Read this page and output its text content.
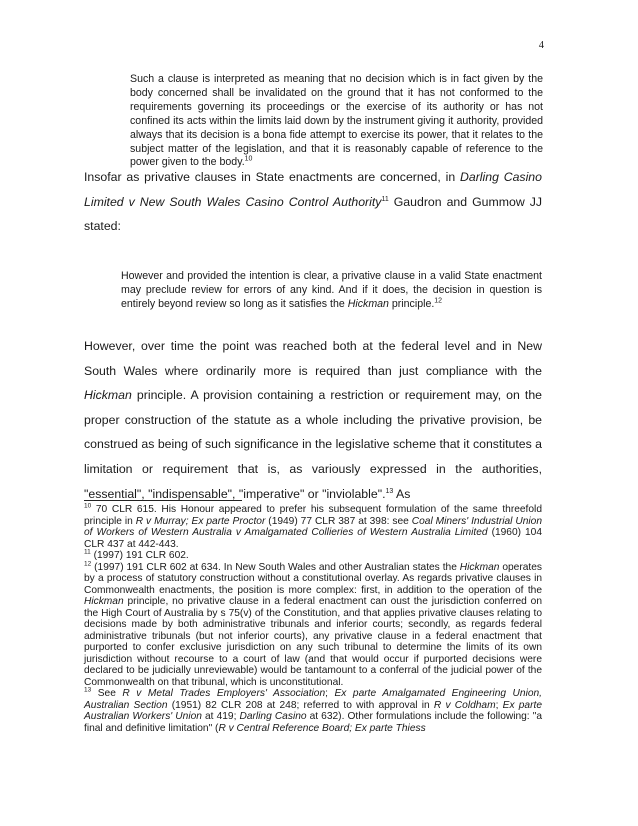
4
Such a clause is interpreted as meaning that no decision which is in fact given by the body concerned shall be invalidated on the ground that it has not conformed to the requirements governing its proceedings or the exercise of its authority or has not confined its acts within the limits laid down by the instrument giving it authority, provided always that its decision is a bona fide attempt to exercise its power, that it relates to the subject matter of the legislation, and that it is reasonably capable of reference to the power given to the body.$^{10}$
Insofar as privative clauses in State enactments are concerned, in Darling Casino Limited v New South Wales Casino Control Authority$^{11}$ Gaudron and Gummow JJ stated:
However and provided the intention is clear, a privative clause in a valid State enactment may preclude review for errors of any kind. And if it does, the decision in question is entirely beyond review so long as it satisfies the Hickman principle.$^{12}$
However, over time the point was reached both at the federal level and in New South Wales where ordinarily more is required than just compliance with the Hickman principle. A provision containing a restriction or requirement may, on the proper construction of the statute as a whole including the privative provision, be construed as being of such significance in the legislative scheme that it constitutes a limitation or requirement that is, as variously expressed in the authorities, "essential", "indispensable", "imperative" or "inviolable".$^{13}$ As

$^{10}$ 70 CLR 615. His Honour appeared to prefer his subsequent formulation of the same threefold principle in R v Murray; Ex parte Proctor (1949) 77 CLR 387 at 398: see Coal Miners' Industrial Union of Workers of Western Australia v Amalgamated Collieries of Western Australia Limited (1960) 104 CLR 437 at 442-443.

$^{11}$ (1997) 191 CLR 602.

$^{12}$ (1997) 191 CLR 602 at 634. In New South Wales and other Australian states the Hickman operates by a process of statutory construction without a constitutional overlay. As regards privative clauses in Commonwealth enactments, the position is more complex: first, in addition to the operation of the Hickman principle, no privative clause in a federal enactment can oust the jurisdiction conferred on the High Court of Australia by s 75(v) of the Constitution, and that applies privative clauses relating to decisions made by both administrative tribunals and inferior courts; secondly, as regards federal administrative tribunals (but not inferior courts), any privative clause in a federal enactment that purported to confer exclusive jurisdiction on any such tribunal to determine the limits of its own jurisdiction without recourse to a court of law (and that would occur if purported decisions were declared to be judicially unreviewable) would be tantamount to a conferral of the judicial power of the Commonwealth on that tribunal, which is unconstitutional.

$^{13}$ See R v Metal Trades Employers' Association; Ex parte Amalgamated Engineering Union, Australian Section (1951) 82 CLR 208 at 248; referred to with approval in R v Coldham; Ex parte Australian Workers' Union at 419; Darling Casino at 632). Other formulations include the following: "a final and definitive limitation" (R v Central Reference Board; Ex parte Thiess
